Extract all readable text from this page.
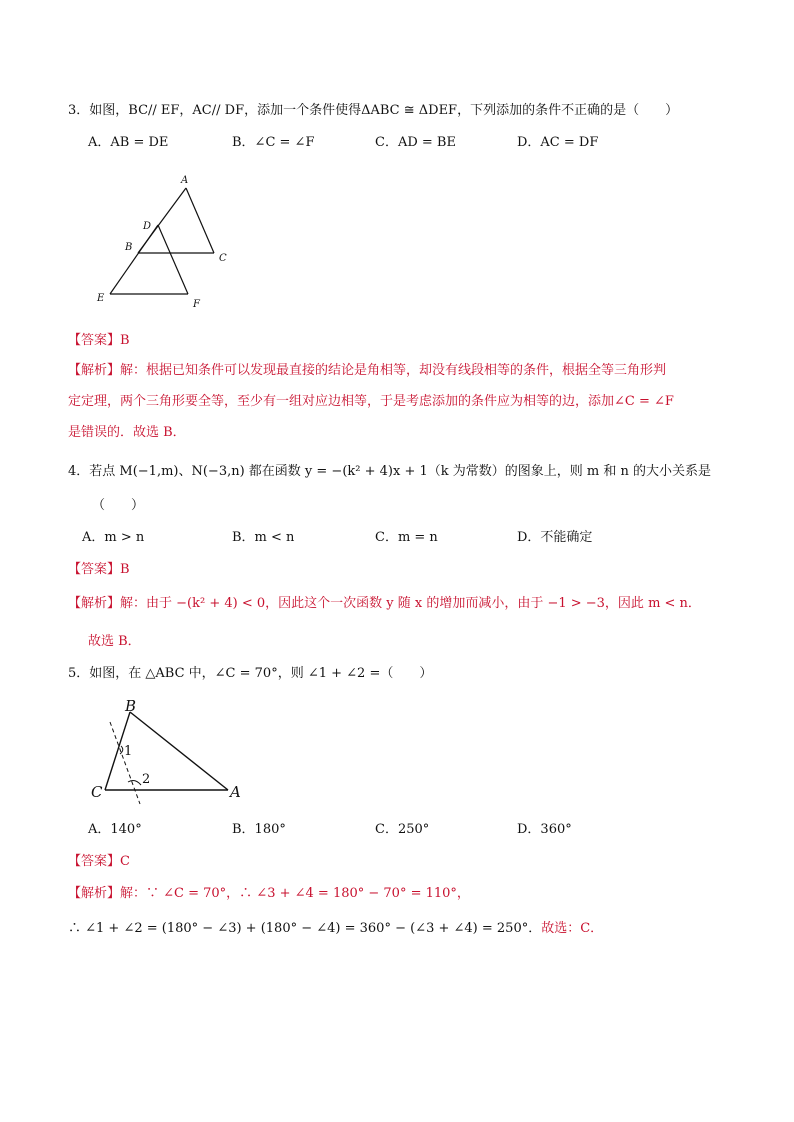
3．如图，BC// EF，AC// DF，添加一个条件使得ΔABC ≅ ΔDEF，下列添加的条件不正确的是（　　）
A．AB = DE	B．∠C = ∠F	C．AD = BE	D．AC = DF
A
D
B
C
E
F
【答案】B
【解析】解：根据已知条件可以发现最直接的结论是角相等，却没有线段相等的条件，根据全等三角形判
定定理，两个三角形要全等，至少有一组对应边相等，于是考虑添加的条件应为相等的边，添加∠C = ∠F
是错误的．故选 B．
4．若点 M(−1,m)、N(−3,n) 都在函数 y = −(k² + 4)x + 1（k 为常数）的图象上，则 m 和 n 的大小关系是
（　　）
A．m > n	B．m < n	C．m = n	D．不能确定
【答案】B
【解析】解：由于 −(k² + 4) < 0，因此这个一次函数 y 随 x 的增加而减小，由于 −1 > −3，因此 m < n．
故选 B．
5．如图，在 △ABC 中，∠C = 70°，则 ∠1 + ∠2 =（　　）
B
C	A
1
2
A．140°	B．180°	C．250°	D．360°
【答案】C
【解析】解：∵ ∠C = 70°，∴ ∠3 + ∠4 = 180° − 70° = 110°，
∴ ∠1 + ∠2 = (180° − ∠3) + (180° − ∠4) = 360° − (∠3 + ∠4) = 250°．故选：C．
